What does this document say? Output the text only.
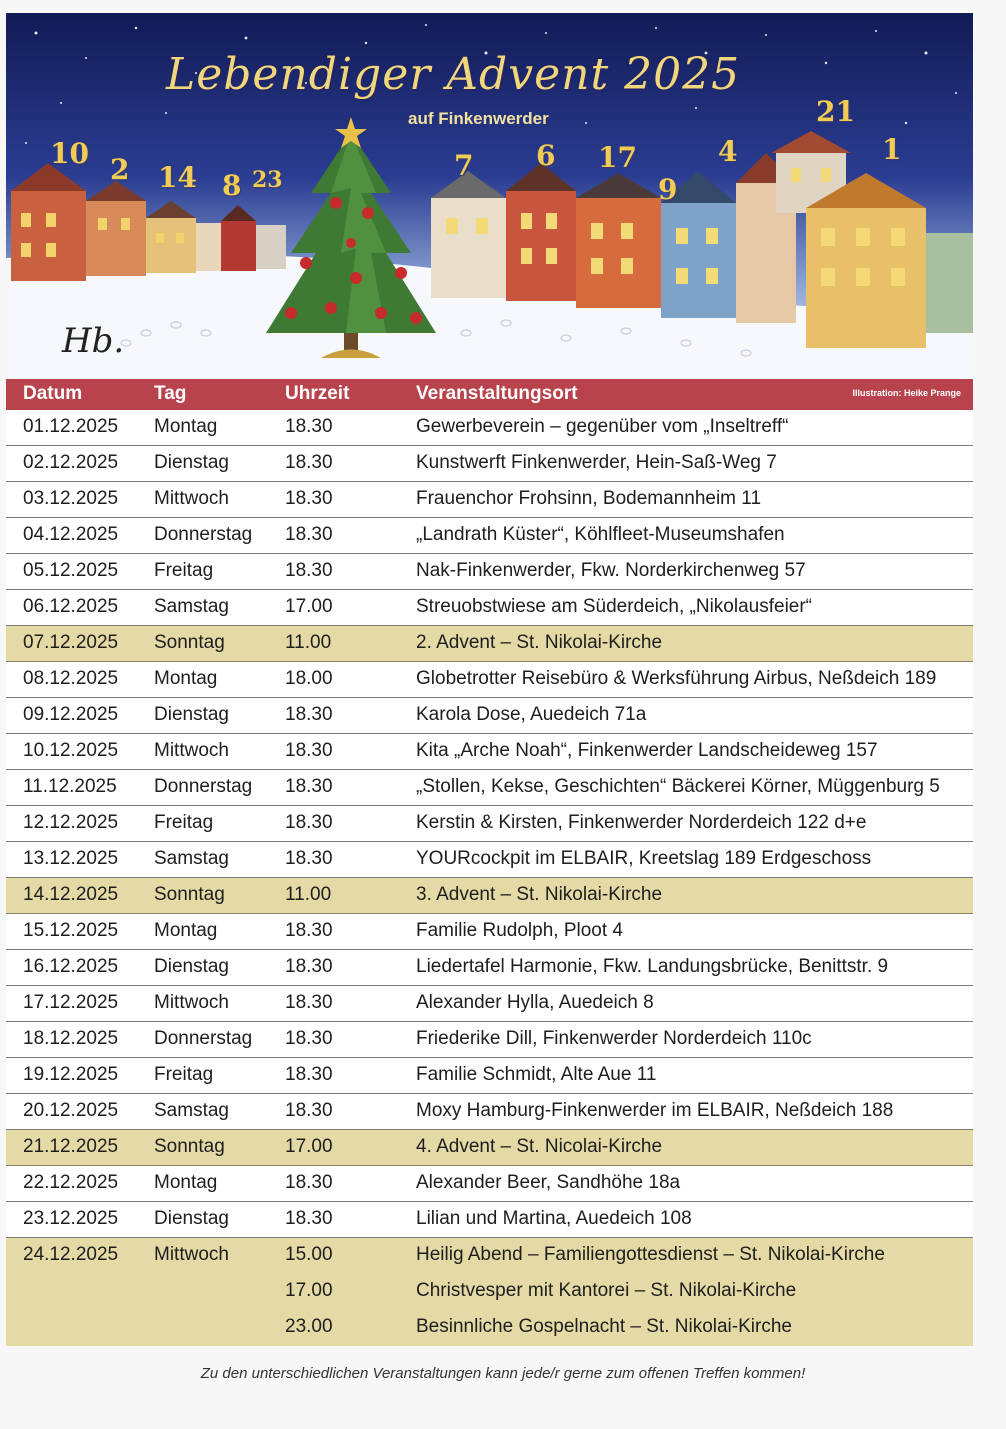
Lebendiger Advent 2025
auf Finkenwerder
10 2 14 8 23	7 6 17
9
4
21
1
Hb.
Datum	Tag	Uhrzeit	Veranstaltungsort	Illustration: Heike Prange
01.12.2025 Montag	18.30	Gewerbeverein – gegenüber vom „Inseltreff“
02.12.2025 Dienstag	18.30	Kunstwerft Finkenwerder, Hein-Saß-Weg 7
03.12.2025 Mittwoch	18.30	Frauenchor Frohsinn, Bodemannheim 11
04.12.2025 Donnerstag 18.30	„Landrath Küster“, Köhlfleet-Museumshafen
05.12.2025 Freitag	18.30	Nak-Finkenwerder, Fkw. Norderkirchenweg 57
06.12.2025 Samstag	17.00	Streuobstwiese am Süderdeich, „Nikolausfeier“
07.12.2025 Sonntag	11.00	2. Advent – St. Nikolai-Kirche
08.12.2025 Montag	18.00	Globetrotter Reisebüro & Werksführung Airbus, Neßdeich 189
09.12.2025 Dienstag	18.30	Karola Dose, Auedeich 71a
10.12.2025 Mittwoch	18.30	Kita „Arche Noah“, Finkenwerder Landscheideweg 157
11.12.2025 Donnerstag 18.30	„Stollen, Kekse, Geschichten“ Bäckerei Körner, Müggenburg 5
12.12.2025 Freitag	18.30	Kerstin & Kirsten, Finkenwerder Norderdeich 122 d+e
13.12.2025 Samstag	18.30	YOURcockpit im ELBAIR, Kreetslag 189 Erdgeschoss
14.12.2025 Sonntag	11.00	3. Advent – St. Nikolai-Kirche
15.12.2025 Montag	18.30	Familie Rudolph, Ploot 4
16.12.2025 Dienstag	18.30	Liedertafel Harmonie, Fkw. Landungsbrücke, Benittstr. 9
17.12.2025 Mittwoch	18.30	Alexander Hylla, Auedeich 8
18.12.2025 Donnerstag 18.30	Friederike Dill, Finkenwerder Norderdeich 110c
19.12.2025 Freitag	18.30	Familie Schmidt, Alte Aue 11
20.12.2025 Samstag	18.30	Moxy Hamburg-Finkenwerder im ELBAIR, Neßdeich 188
21.12.2025 Sonntag	17.00	4. Advent – St. Nicolai-Kirche
22.12.2025 Montag	18.30	Alexander Beer, Sandhöhe 18a
23.12.2025 Dienstag	18.30	Lilian und Martina, Auedeich 108
24.12.2025 Mittwoch	15.00	Heilig Abend – Familiengottesdienst – St. Nikolai-Kirche
17.00	Christvesper mit Kantorei – St. Nikolai-Kirche
23.00	Besinnliche Gospelnacht – St. Nikolai-Kirche
Zu den unterschiedlichen Veranstaltungen kann jede/r gerne zum offenen Treffen kommen!
